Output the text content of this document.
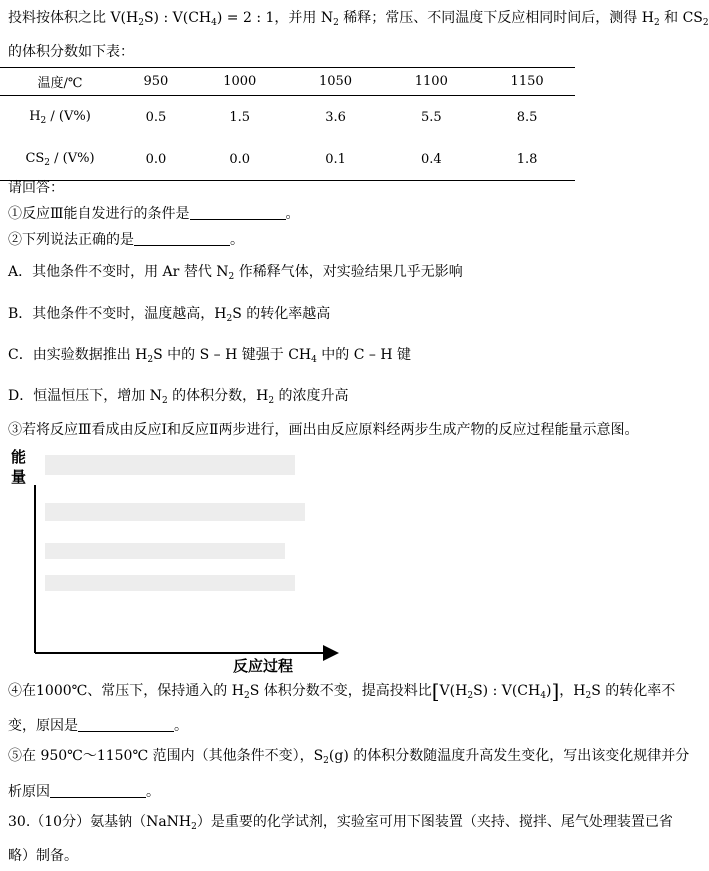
投料按体积之比 $V(H_2S)$ : $V(CH_4) = 2$ : 1，并用 $N_2$ 稀释；常压、不同温度下反应相同时间后，测得 $H_2$ 和 $CS_2$
的体积分数如下表：
温度/℃	950	1000	1050	1100	1150
$H_2 / (V\%)$	0.5	1.5	3.6	5.5	8.5
$CS_2 / (V\%)$	0.0	0.0	0.1	0.4	1.8
请回答：
①反应Ⅲ能自发进行的条件是	。
②下列说法正确的是	。
A．其他条件不变时，用 Ar 替代 $N_2$ 作稀释气体，对实验结果几乎无影响
B．其他条件不变时，温度越高，$H_2S$ 的转化率越高
C．由实验数据推出 $H_2S$ 中的 S – H 键强于 $CH_4$ 中的 C – H 键
D．恒温恒压下，增加 $N_2$ 的体积分数，$H_2$ 的浓度升高
③若将反应Ⅲ看成由反应Ⅰ和反应Ⅱ两步进行，画出由反应原料经两步生成产物的反应过程能量示意图。
能量
反应过程
④在1000℃、常压下，保持通入的 $H_2S$ 体积分数不变，提高投料比[$V(H_2S)$ : $V(CH_4)$]，$H_2S$ 的转化率不
变，原因是	。
⑤在 950℃～1150℃ 范围内（其他条件不变），$S_2(g)$ 的体积分数随温度升高发生变化，写出该变化规律并分
析原因	。
30.（10分）氨基钠（NaNH$_2$）是重要的化学试剂，实验室可用下图装置（夹持、搅拌、尾气处理装置已省
略）制备。
